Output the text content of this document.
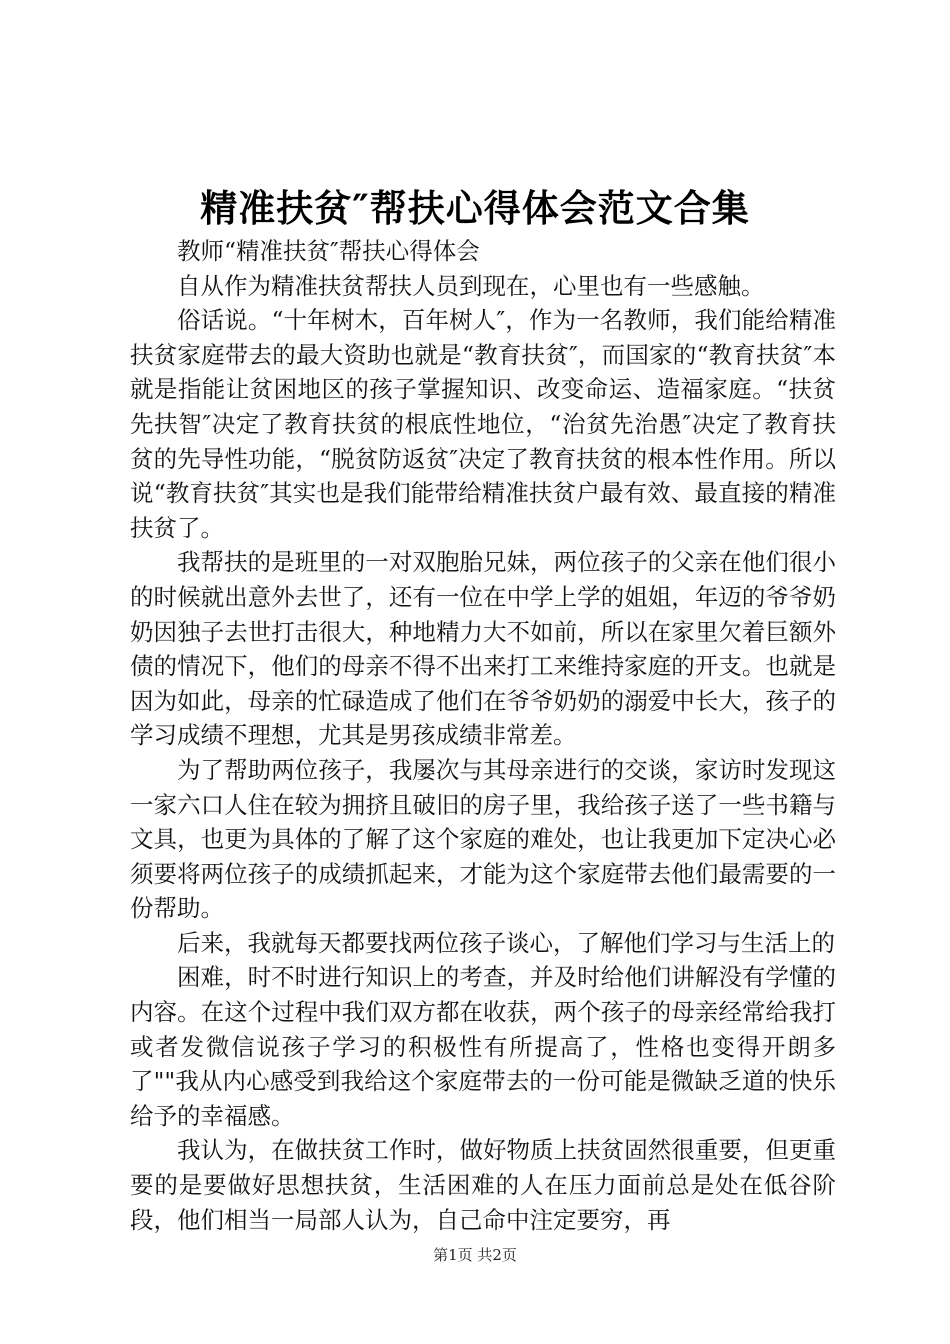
精准扶贫″帮扶心得体会范文合集

教师“精准扶贫″帮扶心得体会

自从作为精准扶贫帮扶人员到现在，心里也有一些感触。

俗话说。“十年树木，百年树人″，作为一名教师，我们能给精准扶贫家庭带去的最大资助也就是“教育扶贫″，而国家的“教育扶贫″本就是指能让贫困地区的孩子掌握知识、改变命运、造福家庭。“扶贫先扶智″决定了教育扶贫的根底性地位，“治贫先治愚″决定了教育扶贫的先导性功能，“脱贫防返贫″决定了教育扶贫的根本性作用。所以说“教育扶贫″其实也是我们能带给精准扶贫户最有效、最直接的精准扶贫了。

我帮扶的是班里的一对双胞胎兄妹，两位孩子的父亲在他们很小的时候就出意外去世了，还有一位在中学上学的姐姐，年迈的爷爷奶奶因独子去世打击很大，种地精力大不如前，所以在家里欠着巨额外债的情况下，他们的母亲不得不出来打工来维持家庭的开支。也就是因为如此，母亲的忙碌造成了他们在爷爷奶奶的溺爱中长大，孩子的学习成绩不理想，尤其是男孩成绩非常差。

为了帮助两位孩子，我屡次与其母亲进行的交谈，家访时发现这一家六口人住在较为拥挤且破旧的房子里，我给孩子送了一些书籍与文具，也更为具体的了解了这个家庭的难处，也让我更加下定决心必须要将两位孩子的成绩抓起来，才能为这个家庭带去他们最需要的一份帮助。

后来，我就每天都要找两位孩子谈心，了解他们学习与生活上的

困难，时不时进行知识上的考查，并及时给他们讲解没有学懂的内容。在这个过程中我们双方都在收获，两个孩子的母亲经常给我打　　或者发微信说孩子学习的积极性有所提高了，性格也变得开朗多了""我从内心感受到我给这个家庭带去的一份可能是微缺乏道的快乐给予的幸福感。

我认为，在做扶贫工作时，做好物质上扶贫固然很重要，但更重要的是要做好思想扶贫，生活困难的人在压力面前总是处在低谷阶段，他们相当一局部人认为，自己命中注定要穷，再

第1页 共2页
